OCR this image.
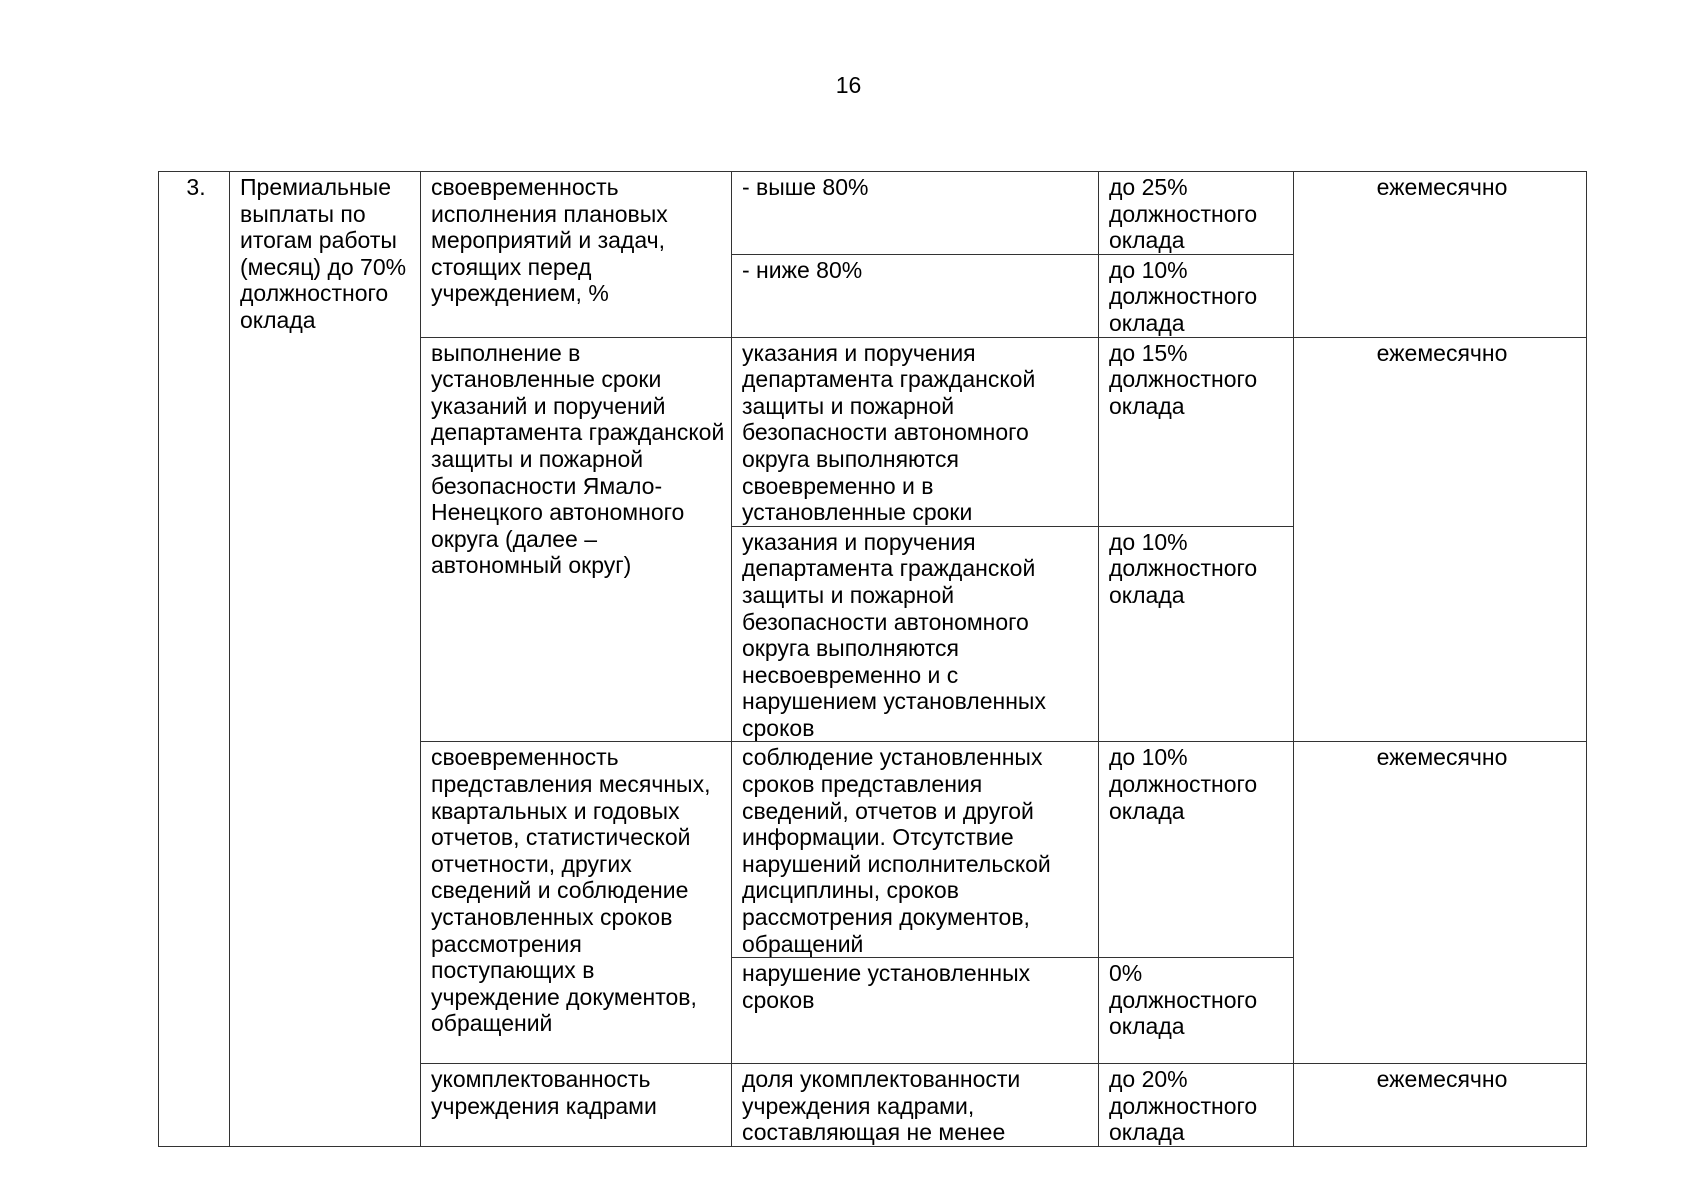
16
3.	Премиальные выплаты по итогам работы (месяц) до 70% должностного оклада	своевременность исполнения плановых мероприятий и задач, стоящих перед учреждением, %	- выше 80%	до 25% должностного оклада	ежемесячно
			- ниже 80%	до 10% должностного оклада	
		выполнение в установленные сроки указаний и поручений департамента гражданской защиты и пожарной безопасности Ямало-Ненецкого автономного округа (далее – автономный округ)	указания и поручения департамента гражданской защиты и пожарной безопасности автономного округа выполняются своевременно и в установленные сроки	до 15% должностного оклада	ежемесячно
			указания и поручения департамента гражданской защиты и пожарной безопасности автономного округа выполняются несвоевременно и с нарушением установленных сроков	до 10% должностного оклада	
		своевременность представления месячных, квартальных и годовых отчетов, статистической отчетности, других сведений и соблюдение установленных сроков рассмотрения поступающих в учреждение документов, обращений	соблюдение установленных сроков представления сведений, отчетов и другой информации. Отсутствие нарушений исполнительской дисциплины, сроков рассмотрения документов, обращений	до 10% должностного оклада	ежемесячно
			нарушение установленных сроков	0% должностного оклада	
		укомплектованность учреждения кадрами	доля укомплектованности учреждения кадрами, составляющая не менее	до 20% должностного оклада	ежемесячно
